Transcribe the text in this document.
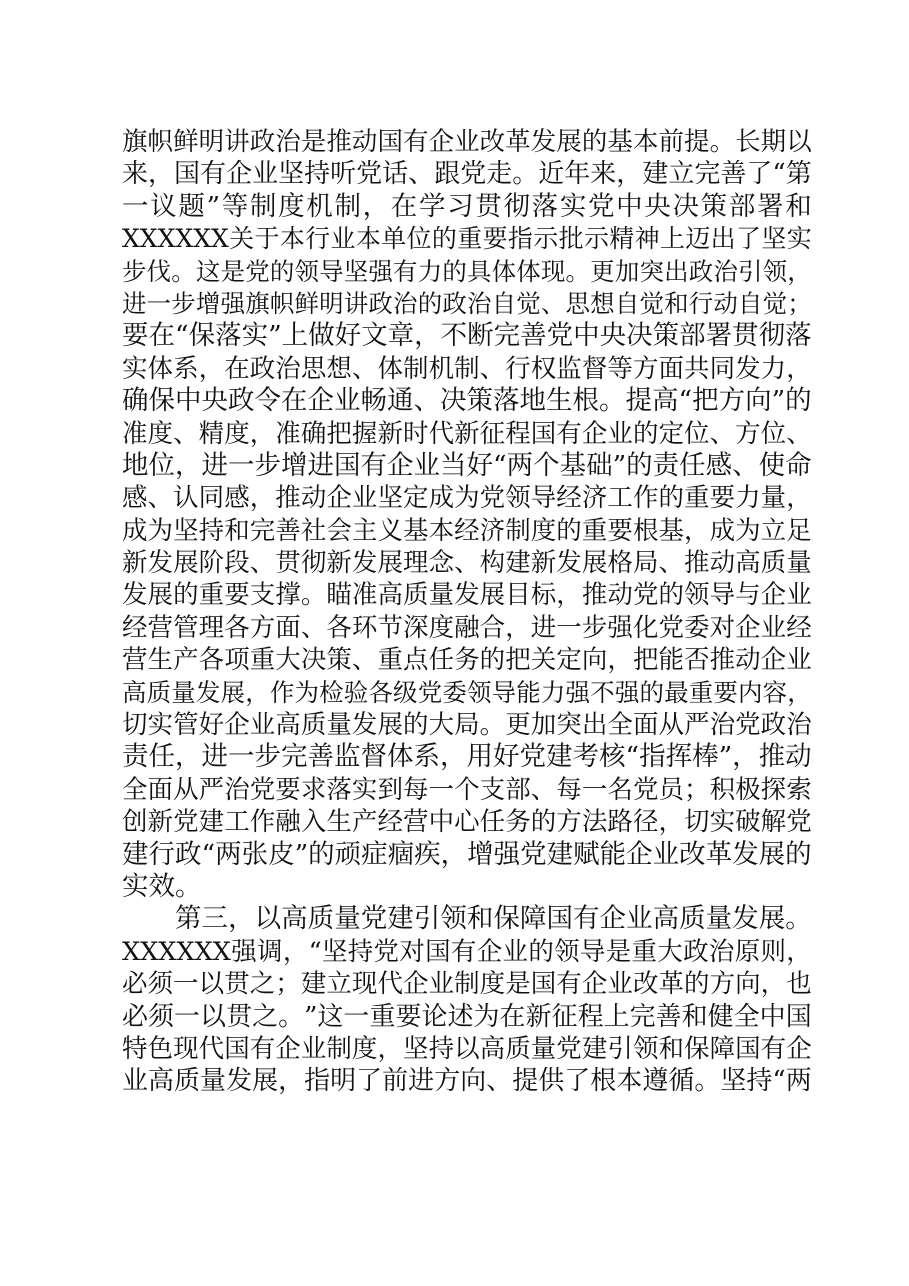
旗 帜 鲜 明 讲 政 治 是 推 动 国 有 企 业 改 革 发 展 的 基 本 前 提 。 长 期 以
来 ， 国 有 企 业 坚 持 听 党 话 、 跟 党 走 。 近 年 来 ， 建 立 完 善 了 “ 第
一 议 题 ” 等 制 度 机 制 ， 在 学 习 贯 彻 落 实 党 中 央 决 策 部 署 和
XXXXXX 关 于 本 行 业 本 单 位 的 重 要 指 示 批 示 精 神 上 迈 出 了 坚 实
步 伐 。 这 是 党 的 领 导 坚 强 有 力 的 具 体 体 现 。 更 加 突 出 政 治 引 领 ，
进 一 步 增 强 旗 帜 鲜 明 讲 政 治 的 政 治 自 觉 、 思 想 自 觉 和 行 动 自 觉 ；
要 在 “ 保 落 实 ” 上 做 好 文 章 ， 不 断 完 善 党 中 央 决 策 部 署 贯 彻 落
实 体 系 ， 在 政 治 思 想 、 体 制 机 制 、 行 权 监 督 等 方 面 共 同 发 力 ，
确 保 中 央 政 令 在 企 业 畅 通 、 决 策 落 地 生 根 。 提 高 “ 把 方 向 ” 的
准 度 、 精 度 ， 准 确 把 握 新 时 代 新 征 程 国 有 企 业 的 定 位 、 方 位 、
地 位 ， 进 一 步 增 进 国 有 企 业 当 好 “ 两 个 基 础 ” 的 责 任 感 、 使 命
感 、 认 同 感 ， 推 动 企 业 坚 定 成 为 党 领 导 经 济 工 作 的 重 要 力 量 ，
成 为 坚 持 和 完 善 社 会 主 义 基 本 经 济 制 度 的 重 要 根 基 ， 成 为 立 足
新 发 展 阶 段 、 贯 彻 新 发 展 理 念 、 构 建 新 发 展 格 局 、 推 动 高 质 量
发 展 的 重 要 支 撑 。 瞄 准 高 质 量 发 展 目 标 ， 推 动 党 的 领 导 与 企 业
经 营 管 理 各 方 面 、 各 环 节 深 度 融 合 ， 进 一 步 强 化 党 委 对 企 业 经
营 生 产 各 项 重 大 决 策 、 重 点 任 务 的 把 关 定 向 ， 把 能 否 推 动 企 业
高 质 量 发 展 ， 作 为 检 验 各 级 党 委 领 导 能 力 强 不 强 的 最 重 要 内 容 ，
切 实 管 好 企 业 高 质 量 发 展 的 大 局 。 更 加 突 出 全 面 从 严 治 党 政 治
责 任 ， 进 一 步 完 善 监 督 体 系 ， 用 好 党 建 考 核 “ 指 挥 棒 ” ， 推 动
全 面 从 严 治 党 要 求 落 实 到 每 一 个 支 部 、 每 一 名 党 员 ； 积 极 探 索
创 新 党 建 工 作 融 入 生 产 经 营 中 心 任 务 的 方 法 路 径 ， 切 实 破 解 党
建 行 政 “ 两 张 皮 ” 的 顽 症 痼 疾 ， 增 强 党 建 赋 能 企 业 改 革 发 展 的
实效。
第 三 ， 以 高 质 量 党 建 引 领 和 保 障 国 有 企 业 高 质 量 发 展 。
XXXXXX 强 调 ， “ 坚 持 党 对 国 有 企 业 的 领 导 是 重 大 政 治 原 则 ，
必 须 一 以 贯 之 ； 建 立 现 代 企 业 制 度 是 国 有 企 业 改 革 的 方 向 ， 也
必 须 一 以 贯 之 。 ” 这 一 重 要 论 述 为 在 新 征 程 上 完 善 和 健 全 中 国
特 色 现 代 国 有 企 业 制 度 ， 坚 持 以 高 质 量 党 建 引 领 和 保 障 国 有 企
业 高 质 量 发 展 ， 指 明 了 前 进 方 向 、 提 供 了 根 本 遵 循 。 坚 持 “ 两
